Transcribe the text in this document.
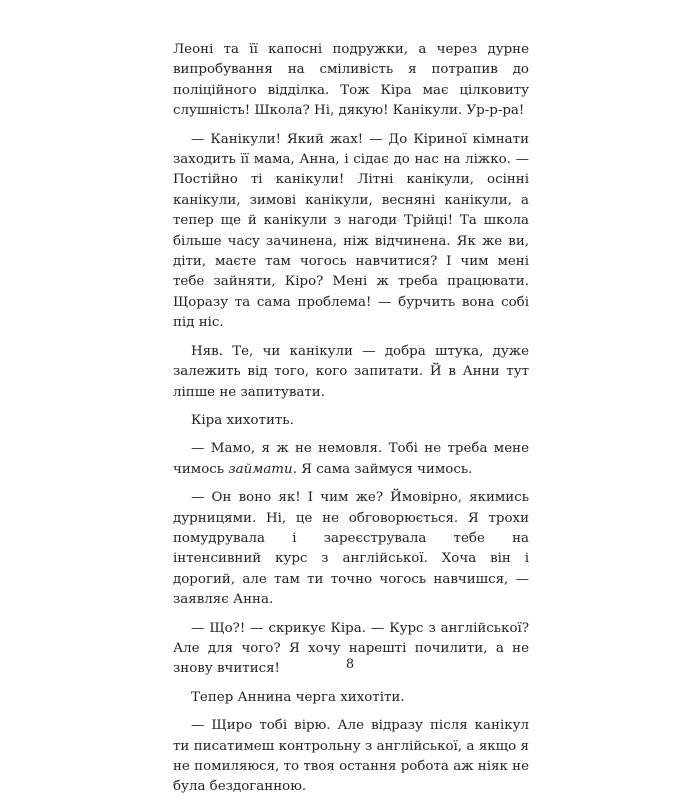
Леоні та її капосні подружки, а через дурне випробування на сміливість я потрапив до поліційного відділка. Тож Кіра має цілковиту слушність! Школа? Ні, дякую! Канікули. Ур-р-ра!

— Канікули! Який жах! — До Кіриної кімнати заходить її мама, Анна, і сідає до нас на ліжко. — Постійно ті канікули! Літні канікули, осінні канікули, зимові канікули, весняні канікули, а тепер ще й канікули з нагоди Трійці! Та школа більше часу зачинена, ніж відчинена. Як же ви, діти, маєте там чогось навчитися? І чим мені тебе зайняти, Кіро? Мені ж треба працювати. Щоразу та сама проблема! — бурчить вона собі під ніс.

Няв. Те, чи канікули — добра штука, дуже залежить від того, кого запитати. Й в Анни тут ліпше не запитувати.

Кіра хихотить.

— Мамо, я ж не немовля. Тобі не треба мене чимось займати. Я сама займуся чимось.

— Он воно як! І чим же? Ймовірно, якимись дурницями. Ні, це не обговорюється. Я трохи помудрувала і зареєструвала тебе на інтенсивний курс з англійської. Хоча він і дорогий, але там ти точно чогось навчишся, — заявляє Анна.

— Що?! — скрикує Кіра. — Курс з англійської? Але для чого? Я хочу нарешті почилити, а не знову вчитися!

Тепер Аннина черга хихотіти.

— Щиро тобі вірю. Але відразу після канікул ти писатимеш контрольну з англійської, а якщо я не помиляюся, то твоя остання робота аж ніяк не була бездоганною.

8
